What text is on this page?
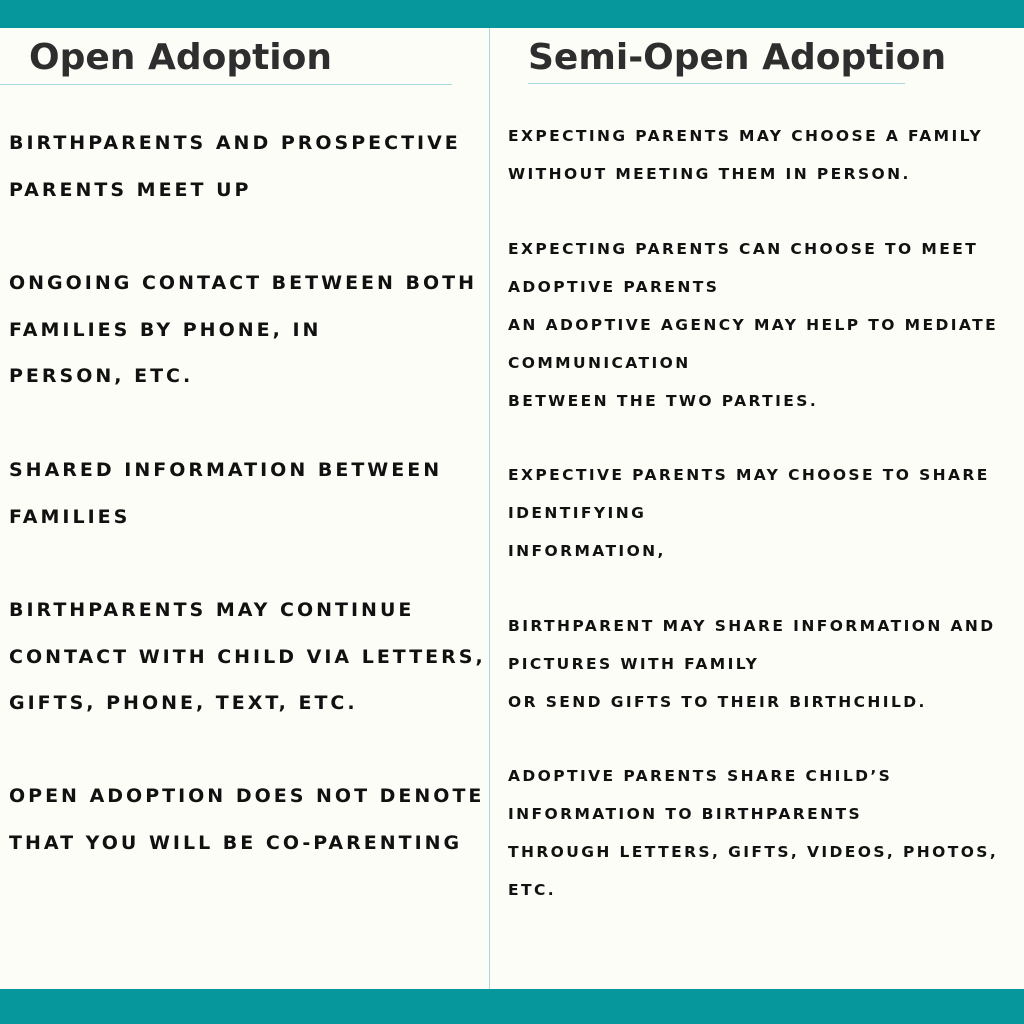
Open Adoption	Semi-Open Adoption
BIRTHPARENTS AND PROSPECTIVE
PARENTS MEET UP
ONGOING CONTACT BETWEEN BOTH
FAMILIES BY PHONE, IN
PERSON, ETC.
SHARED INFORMATION BETWEEN
FAMILIES
BIRTHPARENTS MAY CONTINUE
CONTACT WITH CHILD VIA LETTERS,
GIFTS, PHONE, TEXT, ETC.
OPEN ADOPTION DOES NOT DENOTE
THAT YOU WILL BE CO-PARENTING
EXPECTING PARENTS MAY CHOOSE A FAMILY
WITHOUT MEETING THEM IN PERSON.
EXPECTING PARENTS CAN CHOOSE TO MEET
ADOPTIVE PARENTS
AN ADOPTIVE AGENCY MAY HELP TO MEDIATE
COMMUNICATION
BETWEEN THE TWO PARTIES.
EXPECTIVE PARENTS MAY CHOOSE TO SHARE
IDENTIFYING
INFORMATION,
BIRTHPARENT MAY SHARE INFORMATION AND
PICTURES WITH FAMILY
OR SEND GIFTS TO THEIR BIRTHCHILD.
ADOPTIVE PARENTS SHARE CHILD’S
INFORMATION TO BIRTHPARENTS
THROUGH LETTERS, GIFTS, VIDEOS, PHOTOS,
ETC.
